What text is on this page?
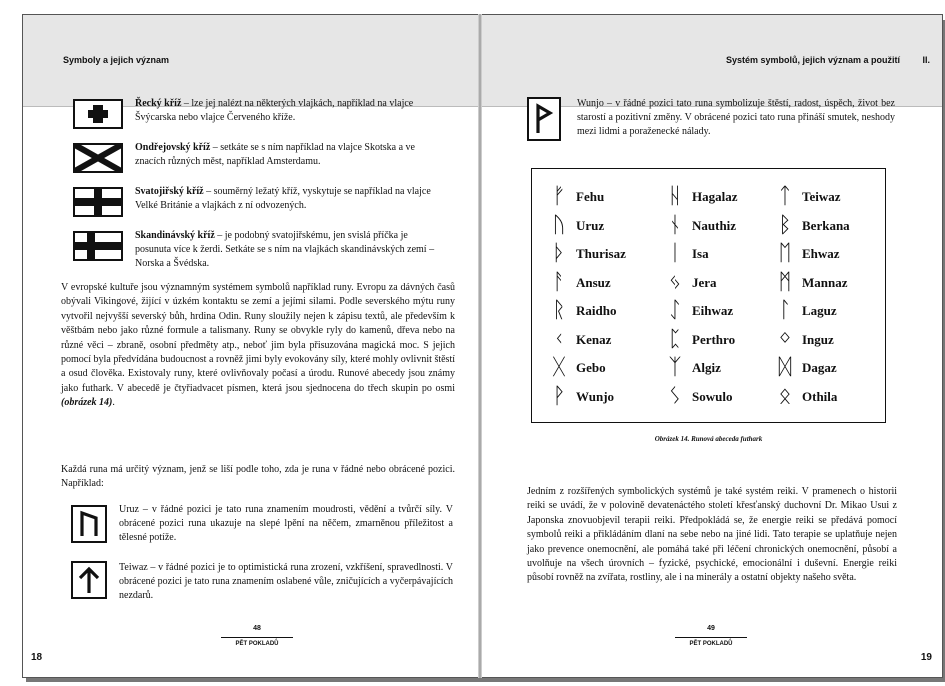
Symboly a jejich význam
Řecký kříž – lze jej nalézt na některých vlajkách, například na vlajce Švýcarska nebo vlajce Červeného kříže.
Ondřejovský kříž – setkáte se s ním například na vlajce Skotska a ve znacích různých měst, například Amsterdamu.
Svatojiřský kříž – souměrný ležatý kříž, vyskytuje se například na vlajce Velké Británie a vlajkách z ní odvozených.
Skandinávský kříž – je podobný svatojiřskému, jen svislá příčka je posunuta více k žerdi. Setkáte se s ním na vlajkách skandinávských zemí – Norska a Švédska.
V evropské kultuře jsou významným systémem symbolů například runy. Evropu za dávných časů obývali Vikingové, žijící v úzkém kontaktu se zemí a jejími silami. Podle severského mýtu runy vytvořil nejvyšší severský bůh, hrdina Odin. Runy sloužily nejen k zápisu textů, ale především k věštbám nebo jako různé formule a talismany. Runy se obvykle ryly do kamenů, dřeva nebo na různé věci – zbraně, osobní předměty atp., neboť jim byla přisuzována magická moc. S jejich pomocí byla předvídána budoucnost a rovněž jimi byly evokovány síly, které mohly ovlivnit štěstí a osud člověka. Existovaly runy, které ovlivňovaly počasí a úrodu. Runové abecedy jsou známy jako futhark. V abecedě je čtyřiadvacet písmen, která jsou sjednocena do třech skupin po osmi (obrázek 14).
Každá runa má určitý význam, jenž se liší podle toho, zda je runa v řádné nebo obrácené pozici. Například:
Uruz – v řádné pozici je tato runa znamením moudrosti, vědění a tvůrčí síly. V obrácené pozici runa ukazuje na slepé lpění na něčem, zmarněnou příležitost a tělesné potíže.
Teiwaz – v řádné pozici je to optimistická runa zrození, vzkříšení, spravedlnosti. V obrácené pozici je tato runa znamením oslabené vůle, zničujících a vyčerpávajících nezdarů.
48
PĚT POKLADŮ
18
Systém symbolů, jejich význam a použití II.
Wunjo – v řádné pozici tato runa symbolizuje štěstí, radost, úspěch, život bez starostí a pozitivní změny. V obrácené pozici tato runa přináší smutek, neshody mezi lidmi a poraženecké nálady.
ᚠ Fehu
ᚢ Uruz
ᚦ Thurisaz
ᚨ Ansuz
ᚱ Raidho
ᚲ Kenaz
ᚷ Gebo
ᚹ Wunjo
ᚺ Hagalaz
ᚾ Nauthiz
ᛁ Isa
ᛃ Jera
ᛇ Eihwaz
ᛈ Perthro
ᛉ Algiz
ᛊ Sowulo
ᛏ Teiwaz
ᛒ Berkana
ᛖ Ehwaz
ᛗ Mannaz
ᛚ Laguz
ᛜ Inguz
ᛞ Dagaz
ᛟ Othila
Obrázek 14. Runová abeceda futhark
Jedním z rozšířených symbolických systémů je také systém reiki. V pramenech o historii reiki se uvádí, že v polovině devatenáctého století křesťanský duchovní Dr. Mikao Usui z Japonska znovuobjevil terapii reiki. Předpokládá se, že energie reiki se předává pomocí symbolů reiki a přikládáním dlaní na sebe nebo na jiné lidi. Tato terapie se uplatňuje nejen jako prevence onemocnění, ale pomáhá také při léčení chronických onemocnění, působí a uvolňuje na všech úrovních – fyzické, psychické, emocionální i duševní. Energie reiki působí rovněž na zvířata, rostliny, ale i na minerály a ostatní objekty našeho světa.
49
PĚT POKLADŮ
19
